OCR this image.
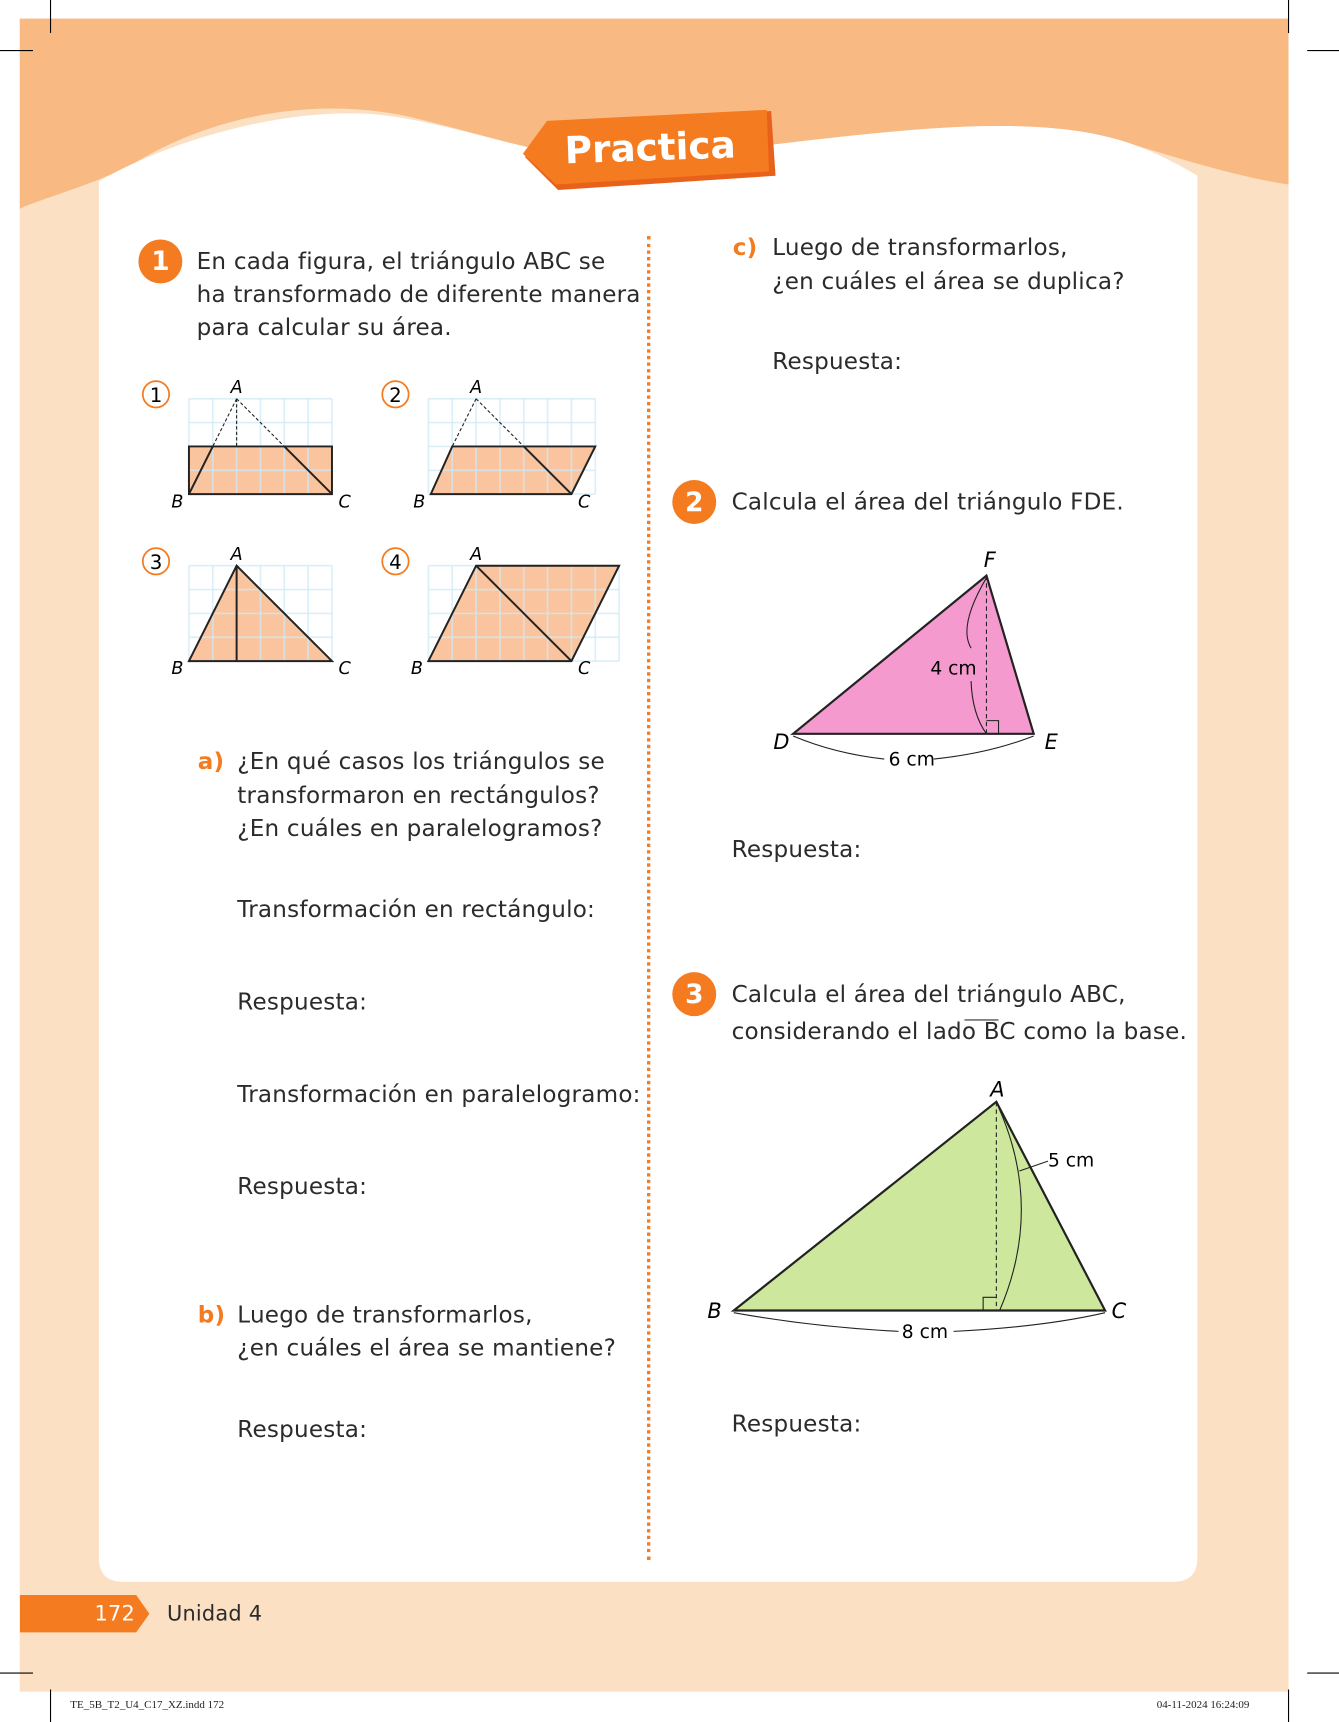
Practica
1	En cada figura, el triángulo ABC se
ha transformado de diferente manera
para calcular su área.
1	A
B	C
2	A
B	C
3	A
B	C
4	A
B	C
a) ¿En qué casos los triángulos se
transformaron en rectángulos?
¿En cuáles en paralelogramos?
Transformación en rectángulo:
Respuesta:
Transformación en paralelogramo:
Respuesta:
b) Luego de transformarlos,
¿en cuáles el área se mantiene?
Respuesta:
c) Luego de transformarlos,
¿en cuáles el área se duplica?
Respuesta:
2	Calcula el área del triángulo FDE.
F
D	E
4 cm
6 cm
Respuesta:
3	Calcula el área del triángulo ABC,
considerando el lado BC como la base.
A
B	C
5 cm
8 cm
Respuesta:
172 Unidad 4
TE_5B_T2_U4_C17_XZ.indd 172	04-11-2024 16:24:09
